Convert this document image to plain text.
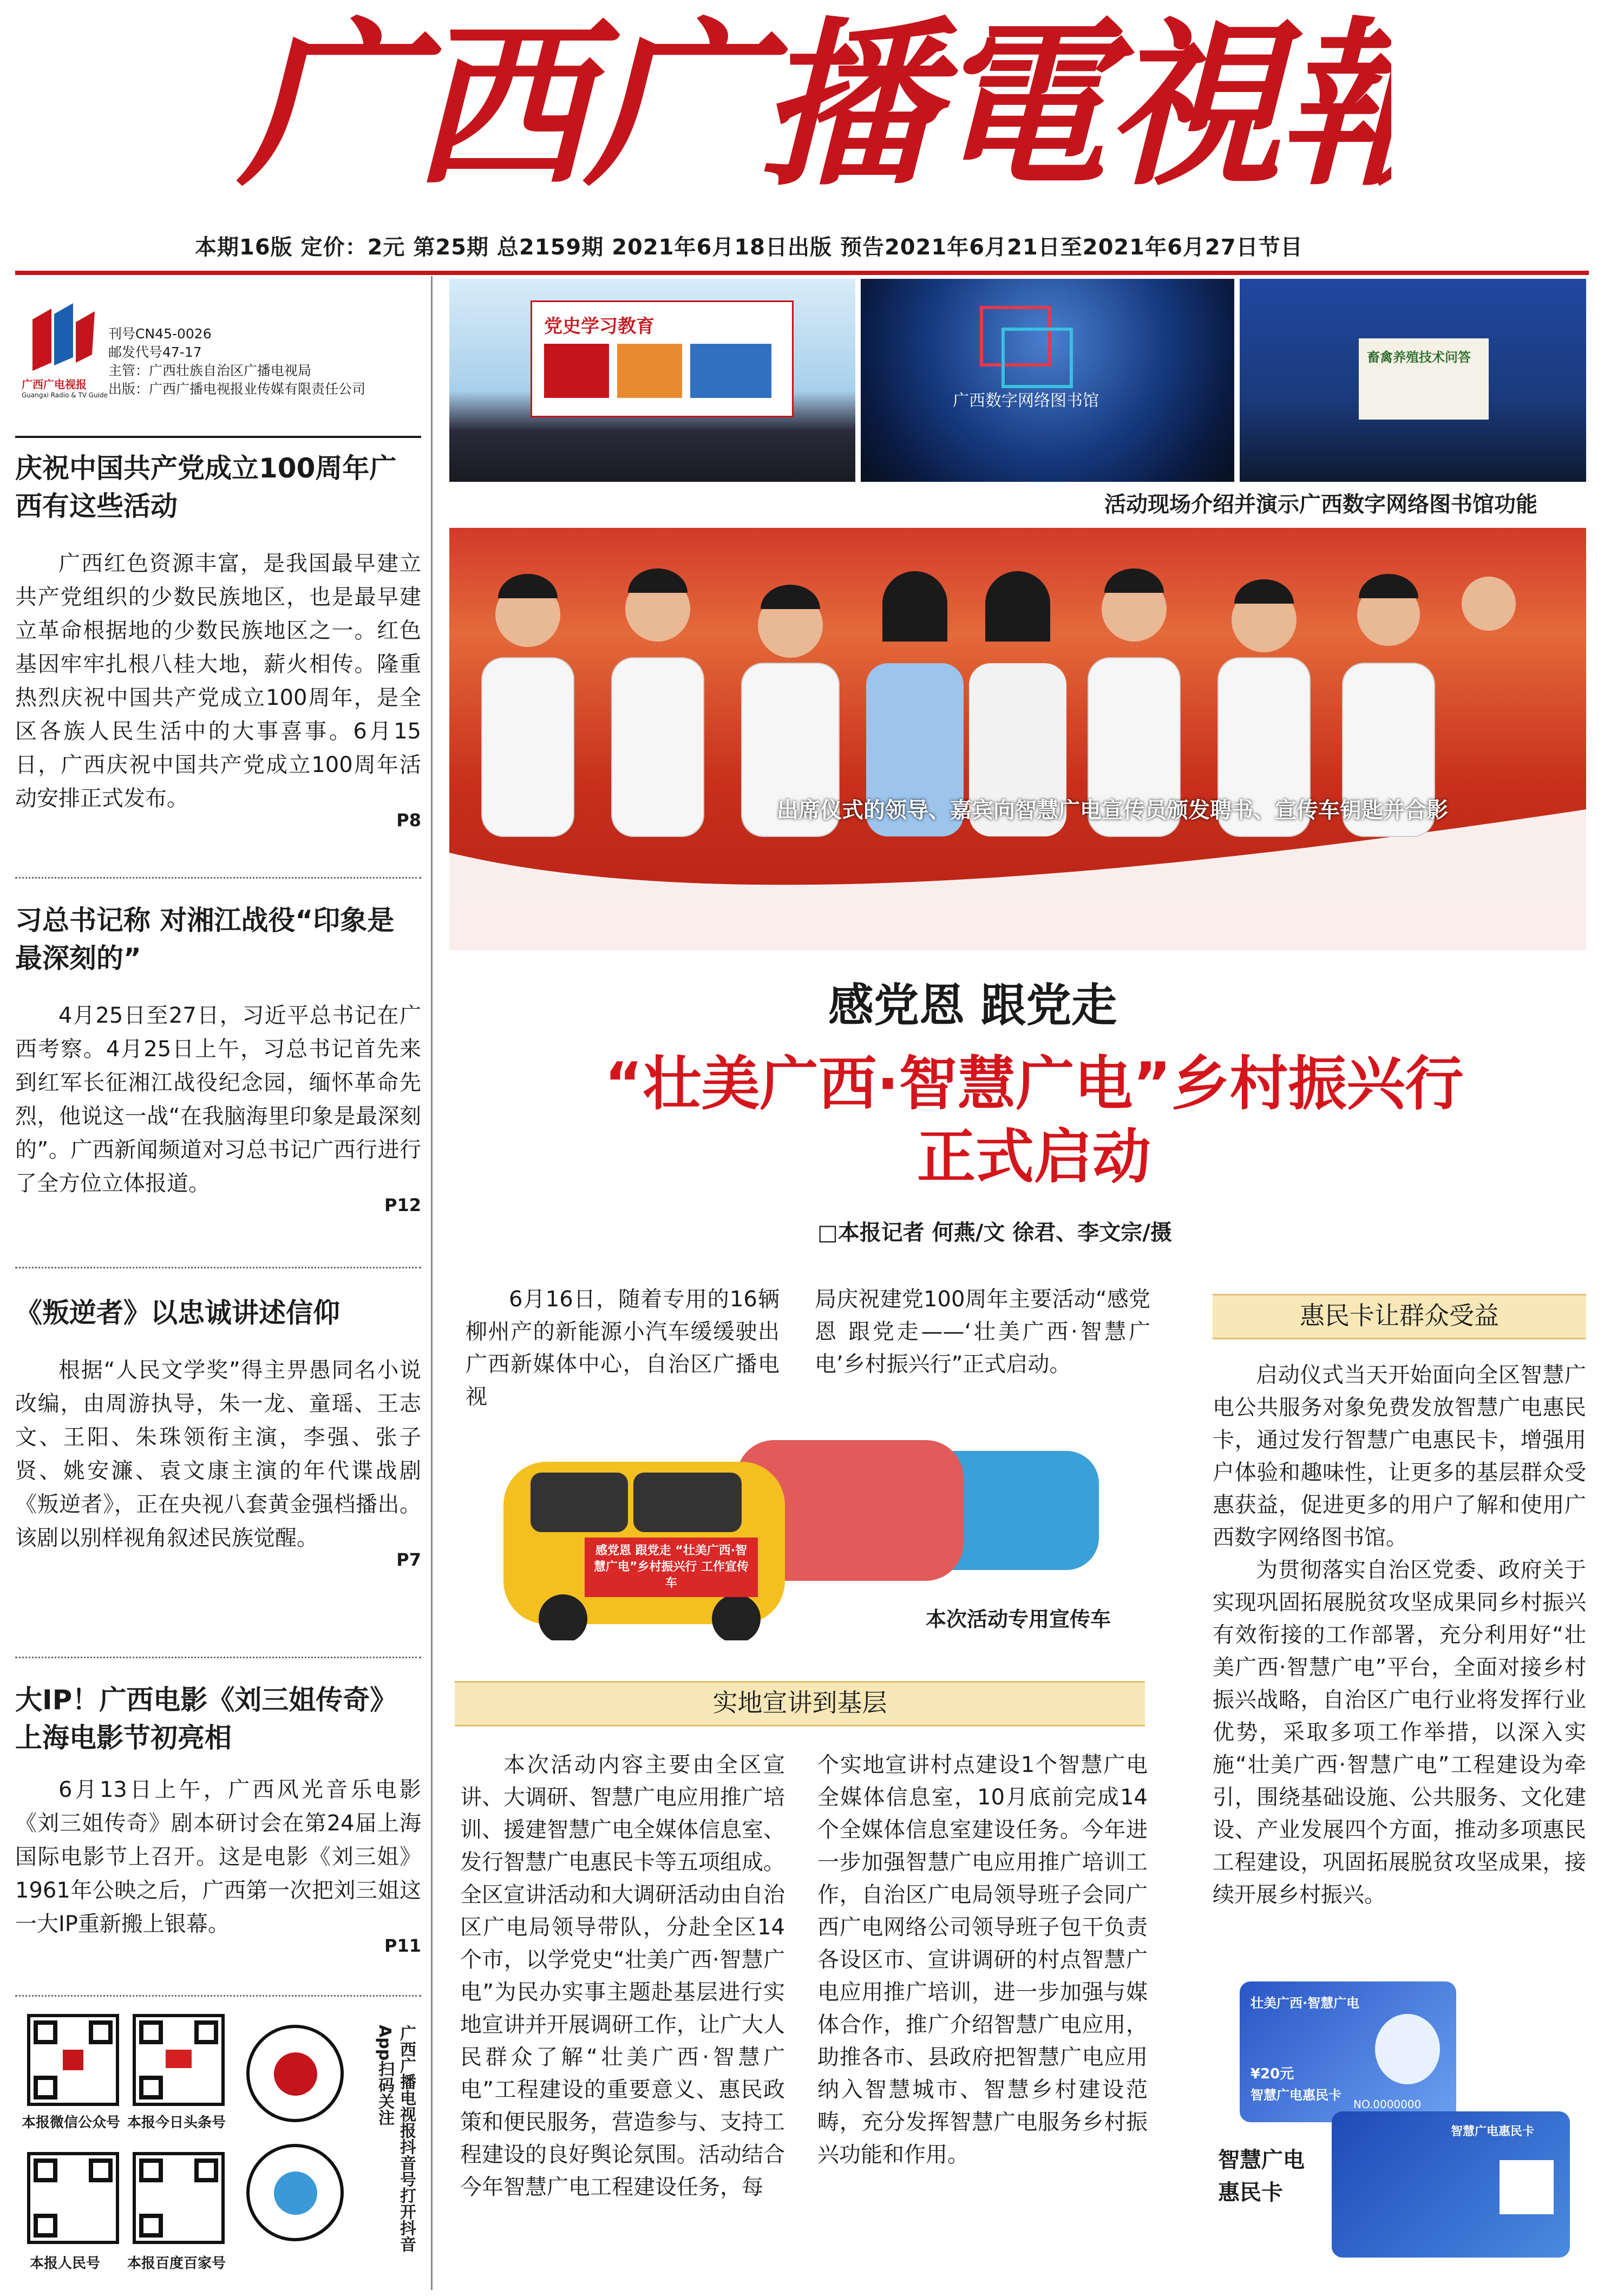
广西广播電視報
本期16版 定价：2元 第25期 总2159期 2021年6月18日出版 预告2021年6月21日至2021年6月27日节目
广西广电视报
Guangxi Radio & TV Guide
刊号CN45-0026
邮发代号47-17
主管：广西壮族自治区广播电视局
出版：广西广播电视报业传媒有限责任公司

庆祝中国共产党成立100周年广西有这些活动

广西红色资源丰富，是我国最早建立共产党组织的少数民族地区，也是最早建立革命根据地的少数民族地区之一。红色基因牢牢扎根八桂大地，薪火相传。隆重热烈庆祝中国共产党成立100周年，是全区各族人民生活中的大事喜事。6月15日，广西庆祝中国共产党成立100周年活动安排正式发布。

P8

习总书记称 对湘江战役“印象是最深刻的”

4月25日至27日，习近平总书记在广西考察。4月25日上午，习总书记首先来到红军长征湘江战役纪念园，缅怀革命先烈，他说这一战“在我脑海里印象是最深刻的”。广西新闻频道对习总书记广西行进行了全方位立体报道。

P12

《叛逆者》以忠诚讲述信仰

根据“人民文学奖”得主畀愚同名小说改编，由周游执导，朱一龙、童瑶、王志文、王阳、朱珠领衔主演，李强、张子贤、姚安濂、袁文康主演的年代谍战剧《叛逆者》，正在央视八套黄金强档播出。该剧以别样视角叙述民族觉醒。

P7

大IP！广西电影《刘三姐传奇》上海电影节初亮相

6月13日上午，广西风光音乐电影《刘三姐传奇》剧本研讨会在第24届上海国际电影节上召开。这是电影《刘三姐》1961年公映之后，广西第一次把刘三姐这一大IP重新搬上银幕。

P11

本报微信公众号 本报今日头条号
本报人民号 本报百度百家号
广西广播电视报抖音号打开抖音App扫码关注
党史学习教育
广西数字网络图书馆
畜禽养殖技术问答
活动现场介绍并演示广西数字网络图书馆功能
出席仪式的领导、嘉宾向智慧广电宣传员颁发聘书、宣传车钥匙并合影
感党恩 跟党走
“壮美广西·智慧广电”乡村振兴行
正式启动
□本报记者 何燕/文 徐君、李文宗/摄

6月16日，随着专用的16辆柳州产的新能源小汽车缓缓驶出广西新媒体中心，自治区广播电视

局庆祝建党100周年主要活动“感党恩 跟党走——‘壮美广西·智慧广电’乡村振兴行”正式启动。

感党恩 跟党走 “壮美广西·智慧广电”乡村振兴行 工作宣传车
本次活动专用宣传车
实地宣讲到基层

本次活动内容主要由全区宣讲、大调研、智慧广电应用推广培训、援建智慧广电全媒体信息室、发行智慧广电惠民卡等五项组成。全区宣讲活动和大调研活动由自治区广电局领导带队，分赴全区14个市，以学党史“壮美广西·智慧广电”为民办实事主题赴基层进行实地宣讲并开展调研工作，让广大人民群众了解“壮美广西·智慧广电”工程建设的重要意义、惠民政策和便民服务，营造参与、支持工程建设的良好舆论氛围。活动结合今年智慧广电工程建设任务，每

个实地宣讲村点建设1个智慧广电全媒体信息室，10月底前完成14个全媒体信息室建设任务。今年进一步加强智慧广电应用推广培训工作，自治区广电局领导班子会同广西广电网络公司领导班子包干负责各设区市、宣讲调研的村点智慧广电应用推广培训，进一步加强与媒体合作，推广介绍智慧广电应用，助推各市、县政府把智慧广电应用纳入智慧城市、智慧乡村建设范畴，充分发挥智慧广电服务乡村振兴功能和作用。

惠民卡让群众受益

启动仪式当天开始面向全区智慧广电公共服务对象免费发放智慧广电惠民卡，通过发行智慧广电惠民卡，增强用户体验和趣味性，让更多的基层群众受惠获益，促进更多的用户了解和使用广西数字网络图书馆。

为贯彻落实自治区党委、政府关于实现巩固拓展脱贫攻坚成果同乡村振兴有效衔接的工作部署，充分利用好“壮美广西·智慧广电”平台，全面对接乡村振兴战略，自治区广电行业将发挥行业优势，采取多项工作举措，以深入实施“壮美广西·智慧广电”工程建设为牵引，围绕基础设施、公共服务、文化建设、产业发展四个方面，推动多项惠民工程建设，巩固拓展脱贫攻坚成果，接续开展乡村振兴。

壮美广西·智慧广电
¥20元
智慧广电惠民卡
NO.0000000
智慧广电惠民卡
智慧广电惠民卡
